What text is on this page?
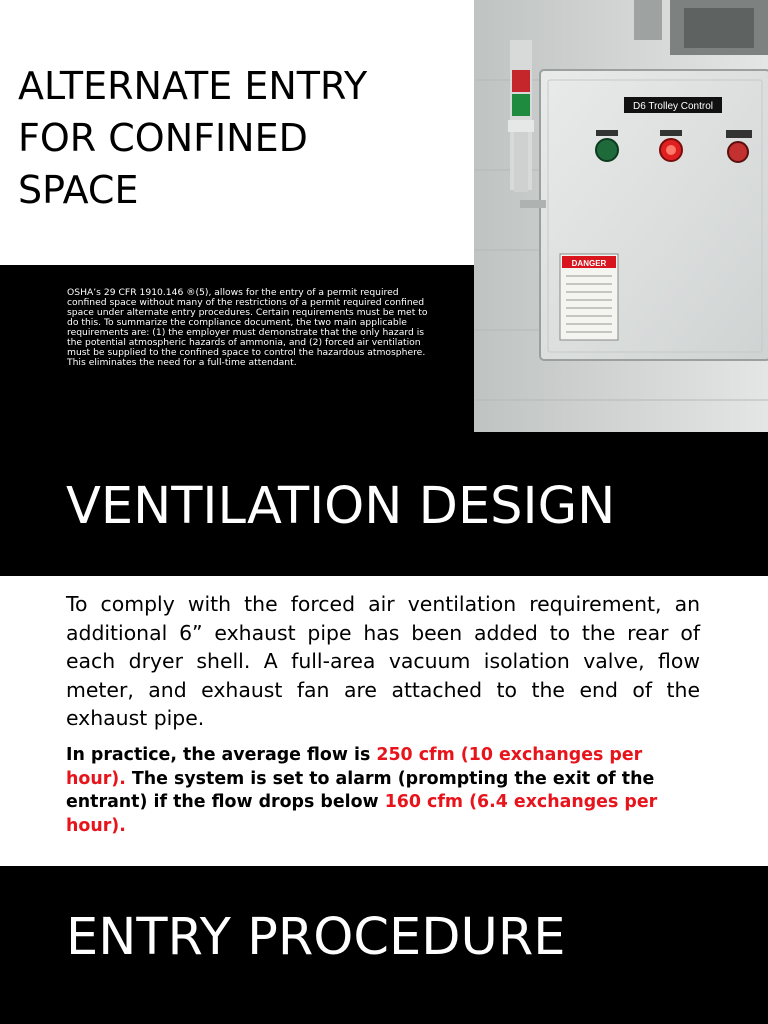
ALTERNATE ENTRY
FOR CONFINED
SPACE
OSHA’s 29 CFR 1910.146 ®(5), allows for the entry of a permit required confined space without many of the restrictions of a permit required confined space under alternate entry procedures. Certain requirements must be met to do this. To summarize the compliance document, the two main applicable requirements are: (1) the employer must demonstrate that the only hazard is the potential atmospheric hazards of ammonia, and (2) forced air ventilation must be supplied to the confined space to control the hazardous atmosphere. This eliminates the need for a full-time attendant.
D6 Trolley Control
DANGER
VENTILATION DESIGN
To comply with the forced air ventilation requirement, an additional 6” exhaust pipe has been added to the rear of each dryer shell. A full-area vacuum isolation valve, flow meter, and exhaust fan are attached to the end of the exhaust pipe.
In practice, the average flow is 250 cfm (10 exchanges per hour). The system is set to alarm (prompting the exit of the entrant) if the flow drops below 160 cfm (6.4 exchanges per hour).
ENTRY PROCEDURE
